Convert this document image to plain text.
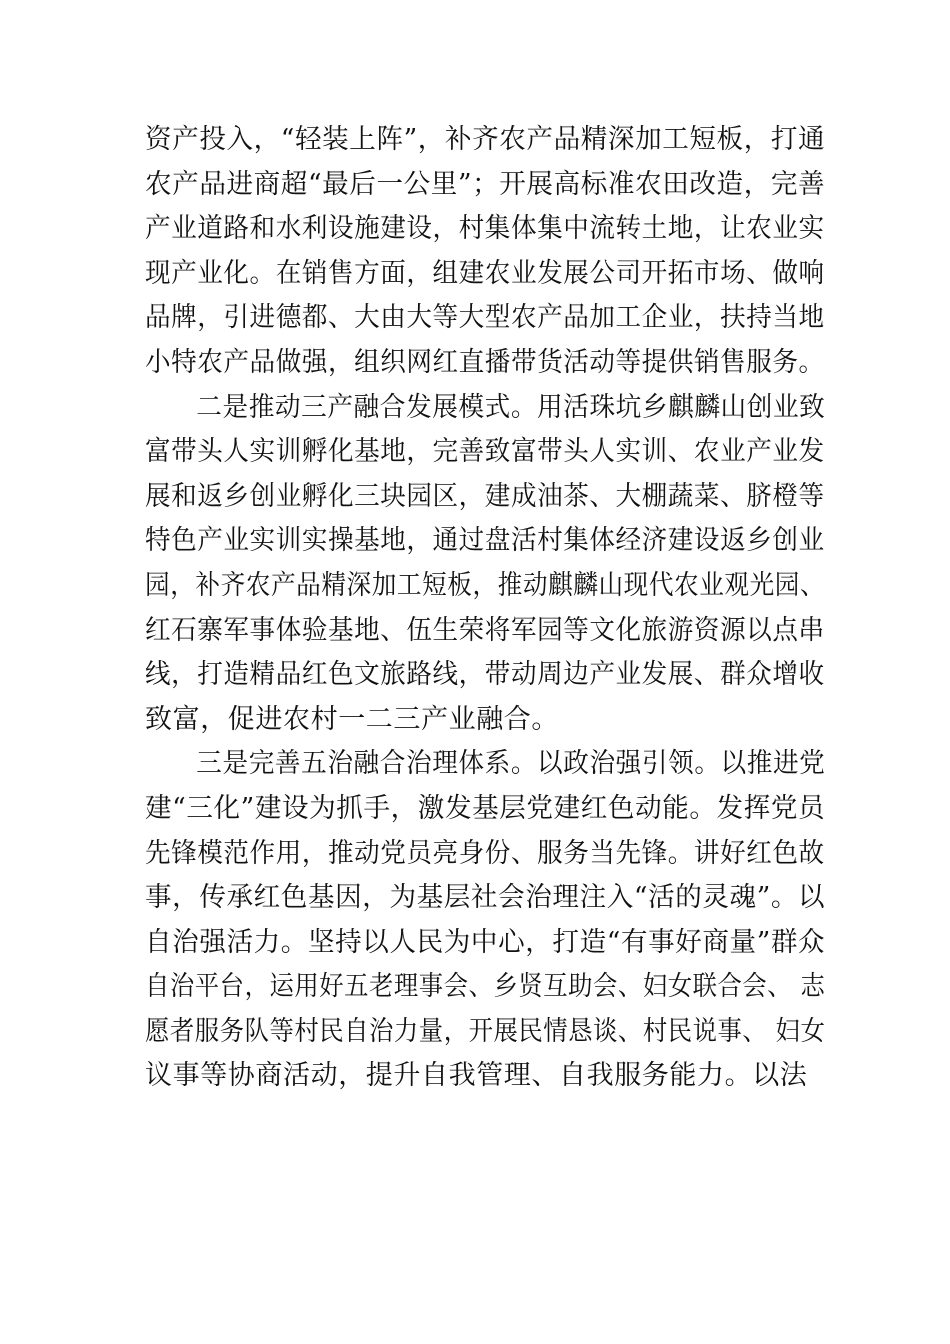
资产投入，“轻装上阵”，补齐农产品精深加工短板，打通
农产品进商超“最后一公里”；开展高标准农田改造，完善
产业道路和水利设施建设，村集体集中流转土地，让农业实
现产业化。在销售方面，组建农业发展公司开拓市场、做响
品牌，引进德都、大由大等大型农产品加工企业，扶持当地
小特农产品做强，组织网红直播带货活动等提供销售服务。
二是推动三产融合发展模式。用活珠坑乡麒麟山创业致
富带头人实训孵化基地，完善致富带头人实训、农业产业发
展和返乡创业孵化三块园区，建成油茶、大棚蔬菜、脐橙等
特色产业实训实操基地，通过盘活村集体经济建设返乡创业
园，补齐农产品精深加工短板，推动麒麟山现代农业观光园、
红石寨军事体验基地、伍生荣将军园等文化旅游资源以点串
线，打造精品红色文旅路线，带动周边产业发展、群众增收
致富，促进农村一二三产业融合。
三是完善五治融合治理体系。以政治强引领。以推进党
建“三化”建设为抓手，激发基层党建红色动能。发挥党员
先锋模范作用，推动党员亮身份、服务当先锋。讲好红色故
事，传承红色基因，为基层社会治理注入“活的灵魂”。以
自治强活力。坚持以人民为中心，打造“有事好商量”群众
自治平台，运用好五老理事会、乡贤互助会、妇女联合会、 志
愿者服务队等村民自治力量，开展民情恳谈、村民说事、 妇女
议事等协商活动，提升自我管理、自我服务能力。以法
